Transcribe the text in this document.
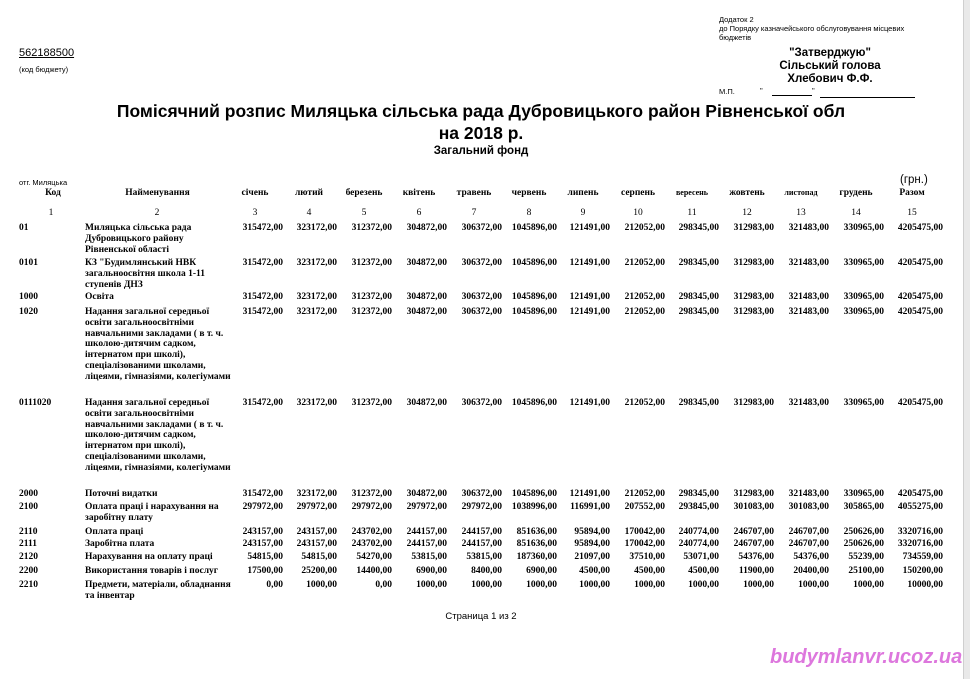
Додаток 2
до Порядку казначейського обслуговування місцевих
бюджетів
562188500
(код бюджету)
"Затверджую"
Сільський голова
Хлебович Ф.Ф.
М.П.	"	"
Помісячний розпис Миляцька сільська рада Дубровицького район Рівненської обл
на 2018 р.
Загальний фонд
отг. Миляцька	(грн.)
Код	Найменування	січень	лютий	березень	квітень	травень	червень	липень	серпень	вересень	жовтень	листопад	грудень	Разом
1	2	3	4	5	6	7	8	9	10	11	12	13	14	15
01	Миляцька сільська рада
Дубровицького району
Рівненської області
315472,00	323172,00	312372,00	304872,00	306372,00	1045896,00	121491,00	212052,00	298345,00	312983,00	321483,00	330965,00	4205475,00
0101	КЗ "Будимлянський НВК
загальноосвітня школа 1-11
ступенів ДНЗ
315472,00	323172,00	312372,00	304872,00	306372,00	1045896,00	121491,00	212052,00	298345,00	312983,00	321483,00	330965,00	4205475,00
1000	Освіта	315472,00	323172,00	312372,00	304872,00	306372,00	1045896,00	121491,00	212052,00	298345,00	312983,00	321483,00	330965,00	4205475,00
1020	Надання загальної середньої
освіти загальноосвітніми
навчальними закладами ( в т. ч.
школою-дитячим садком,
інтернатом при школі),
спеціалізованими школами,
ліцеями, гімназіями, колегіумами
315472,00	323172,00	312372,00	304872,00	306372,00	1045896,00	121491,00	212052,00	298345,00	312983,00	321483,00	330965,00	4205475,00
0111020	Надання загальної середньої
освіти загальноосвітніми
навчальними закладами ( в т. ч.
школою-дитячим садком,
інтернатом при школі),
спеціалізованими школами,
ліцеями, гімназіями, колегіумами
315472,00	323172,00	312372,00	304872,00	306372,00	1045896,00	121491,00	212052,00	298345,00	312983,00	321483,00	330965,00	4205475,00
2000	Поточні видатки	315472,00	323172,00	312372,00	304872,00	306372,00	1045896,00	121491,00	212052,00	298345,00	312983,00	321483,00	330965,00	4205475,00
2100	Оплата праці і нарахування на
заробітну плату
297972,00	297972,00	297972,00	297972,00	297972,00	1038996,00	116991,00	207552,00	293845,00	301083,00	301083,00	305865,00	4055275,00
2110	Оплата праці	243157,00	243157,00	243702,00	244157,00	244157,00	851636,00	95894,00	170042,00	240774,00	246707,00	246707,00	250626,00	3320716,00
2111	Заробітна плата	243157,00	243157,00	243702,00	244157,00	244157,00	851636,00	95894,00	170042,00	240774,00	246707,00	246707,00	250626,00	3320716,00
2120	Нарахування на оплату праці	54815,00	54815,00	54270,00	53815,00	53815,00	187360,00	21097,00	37510,00	53071,00	54376,00	54376,00	55239,00	734559,00
2200	Використання товарів і послуг	17500,00	25200,00	14400,00	6900,00	8400,00	6900,00	4500,00	4500,00	4500,00	11900,00	20400,00	25100,00	150200,00
2210	Предмети, матеріали, обладнання
та інвентар
0,00	1000,00	0,00	1000,00	1000,00	1000,00	1000,00	1000,00	1000,00	1000,00	1000,00	1000,00	10000,00
Страница 1 из 2
budymlanvr.ucoz.ua
